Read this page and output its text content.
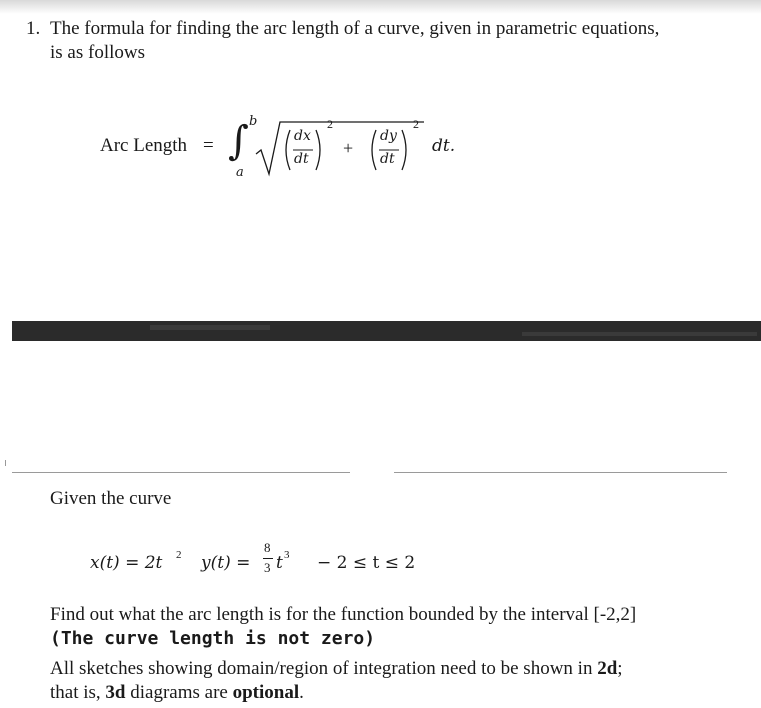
1. The formula for finding the arc length of a curve, given in parametric equations,
is as follows
Arc Length = ∫ b
a
dx
dt
2
+
dy
dt
2
dt.
Given the curve
x(t) = 2t 2 y(t) =
8
3 t 3 − 2 ≤ t ≤ 2
Find out what the arc length is for the function bounded by the interval [-2,2]
(The curve length is not zero)
All sketches showing domain/region of integration need to be shown in 2d;
that is, 3d diagrams are optional.
